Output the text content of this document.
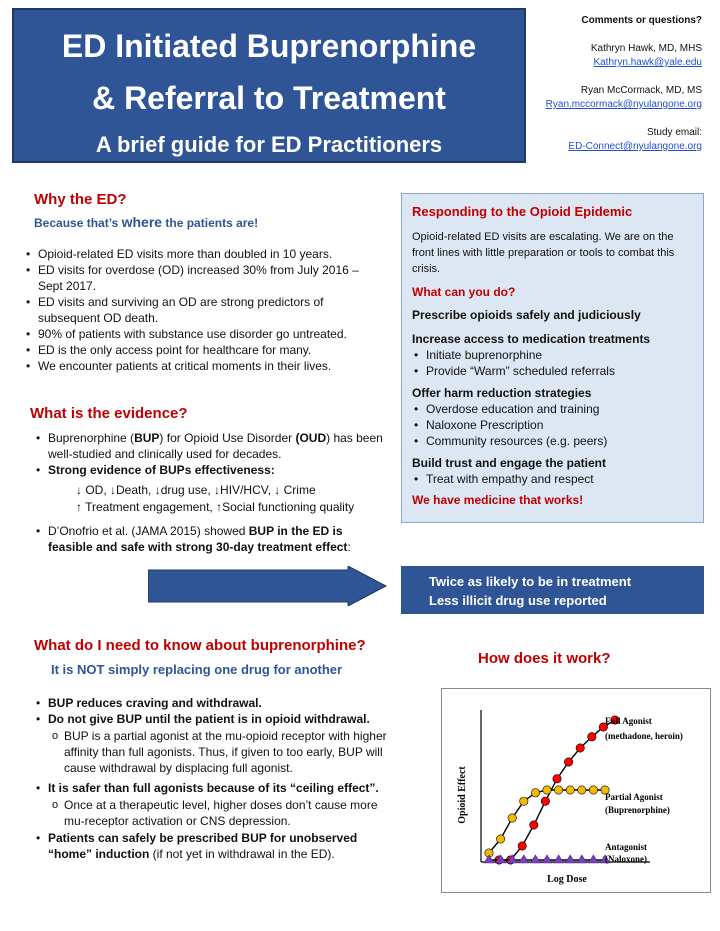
ED Initiated Buprenorphine
& Referral to Treatment
A brief guide for ED Practitioners
Comments or questions?
Kathryn Hawk, MD, MHS
Kathryn.hawk@yale.edu
Ryan McCormack, MD, MS
Ryan.mccormack@nyulangone.org
Study email:
ED-Connect@nyulangone.org
Why the ED?
Because that’s where the patients are!
• Opioid-related ED visits more than doubled in 10 years.
• ED visits for overdose (OD) increased 30% from July 2016 – Sept 2017.
• ED visits and surviving an OD are strong predictors of subsequent OD death.
• 90% of patients with substance use disorder go untreated.
• ED is the only access point for healthcare for many.
• We encounter patients at critical moments in their lives.
What is the evidence?
• Buprenorphine (BUP) for Opioid Use Disorder (OUD) has been well-studied and clinically used for decades.
• Strong evidence of BUPs effectiveness:
↓ OD, ↓Death, ↓drug use, ↓HIV/HCV, ↓ Crime
↑ Treatment engagement, ↑Social functioning quality
• D’Onofrio et al. (JAMA 2015) showed BUP in the ED is feasible and safe with strong 30-day treatment effect:
Responding to the Opioid Epidemic

Opioid-related ED visits are escalating. We are on the front lines with little preparation or tools to combat this crisis.

What can you do?
Prescribe opioids safely and judiciously
Increase access to medication treatments
• Initiate buprenorphine
• Provide “Warm” scheduled referrals
Offer harm reduction strategies
• Overdose education and training
• Naloxone Prescription
• Community resources (e.g. peers)
Build trust and engage the patient
• Treat with empathy and respect
We have medicine that works!
Twice as likely to be in treatment
Less illicit drug use reported
What do I need to know about buprenorphine?
It is NOT simply replacing one drug for another
• BUP reduces craving and withdrawal.
• Do not give BUP until the patient is in opioid withdrawal.
o BUP is a partial agonist at the mu-opioid receptor with higher affinity than full agonists. Thus, if given to too early, BUP will cause withdrawal by displacing full agonist.
• It is safer than full agonists because of its “ceiling effect”.
o Once at a therapeutic level, higher doses don’t cause more mu-receptor activation or CNS depression.
• Patients can safely be prescribed BUP for unobserved “home” induction (if not yet in withdrawal in the ED).
How does it work?
Opioid Effect
Log Dose
Full Agonist
(methadone, heroin)
Partial Agonist
(Buprenorphine)
Antagonist
(Naloxone)
